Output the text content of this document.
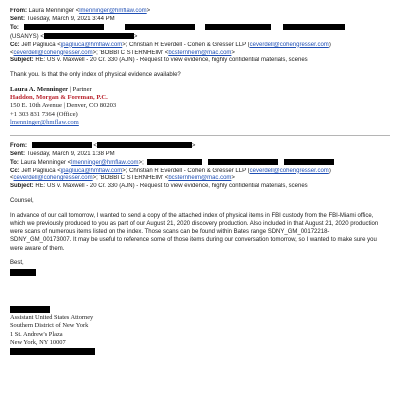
From: Laura Menninger <lmenninger@hmflaw.com>
Sent: Tuesday, March 9, 2021 3:44 PM
To:
(USANYS) <	>
Cc: Jeff Pagliuca <jpagliuca@hmflaw.com>; Christian R Everdell - Cohen & Gresser LLP (ceverdell@cohengresser.com)
<ceverdell@cohengresser.com>; 'BOBBI C STERNHEIM' <bcsternheim@mac.com>
Subject: RE: US v. Maxwell - 20 Cr. 330 (AJN) - Request to view evidence, highly confidential materials, scenes
Thank you. Is that the only index of physical evidence available?
Laura A. Menninger | Partner
Haddon, Morgan & Foreman, P.C.
150 E. 10th Avenue | Denver, CO 80203
+1 303 831 7364 (Office)
lmenninger@hmflaw.com
From:	<	>
Sent: Tuesday, March 9, 2021 1:38 PM
To: Laura Menninger <lmenninger@hmflaw.com>;
Cc: Jeff Pagliuca <jpagliuca@hmflaw.com>; Christian R Everdell - Cohen & Gresser LLP (ceverdell@cohengresser.com)
<ceverdell@cohengresser.com>; 'BOBBI C STERNHEIM' <bcsternheim@mac.com>
Subject: RE: US v. Maxwell - 20 Cr. 330 (AJN) - Request to view evidence, highly confidential materials, scenes
Counsel,
In advance of our call tomorrow, I wanted to send a copy of the attached index of physical items in FBI custody from the FBI-Miami office, which we previously produced to you as part of our August 21, 2020 discovery production. Also included in that August 21, 2020 production were scans of numerous items listed on the index. Those scans can be found within Bates range SDNY_GM_00172218-SDNY_GM_00173007. It may be useful to reference some of those items during our conversation tomorrow, so I wanted to make sure you were aware of them.
Best,
Assistant United States Attorney
Southern District of New York
1 St. Andrew's Plaza
New York, NY 10007
